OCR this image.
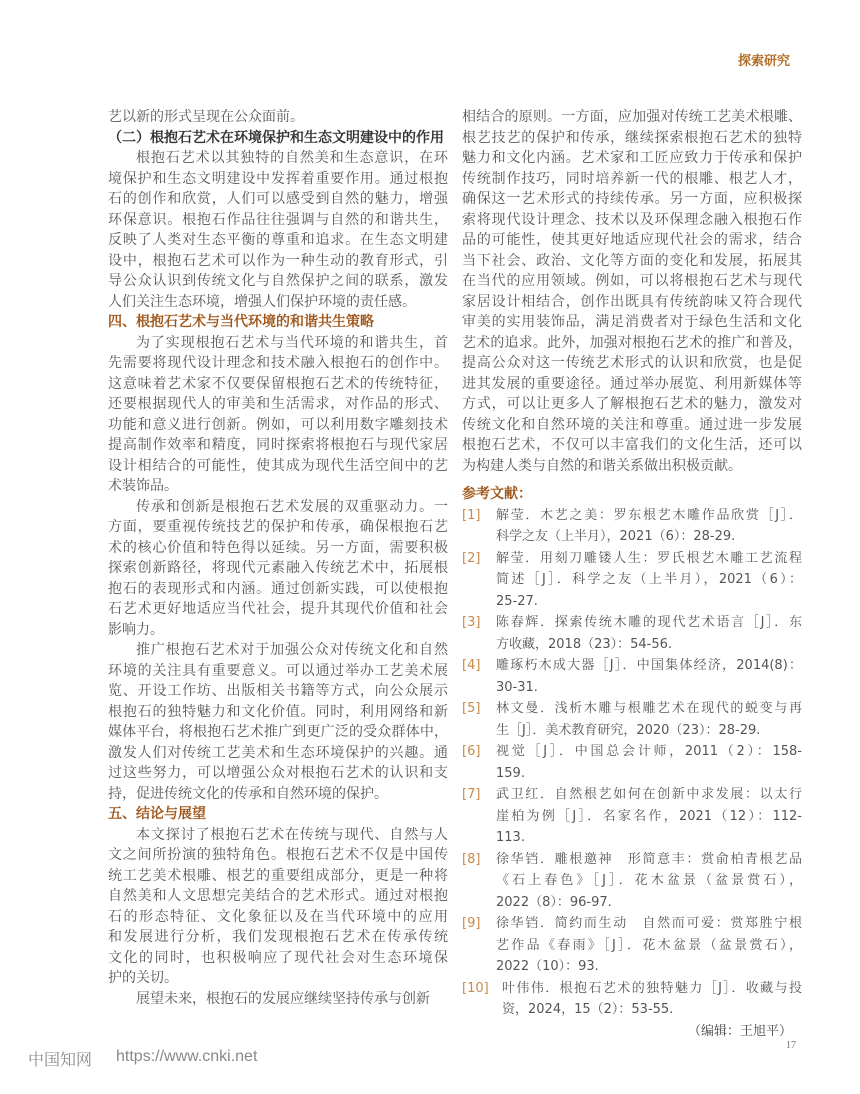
探索研究
艺以新的形式呈现在公众面前。
（二）根抱石艺术在环境保护和生态文明建设中的作用
根抱石艺术以其独特的自然美和生态意识，在环
境保护和生态文明建设中发挥着重要作用。通过根抱
石的创作和欣赏，人们可以感受到自然的魅力，增强
环保意识。根抱石作品往往强调与自然的和谐共生，
反映了人类对生态平衡的尊重和追求。在生态文明建
设中，根抱石艺术可以作为一种生动的教育形式，引
导公众认识到传统文化与自然保护之间的联系，激发
人们关注生态环境，增强人们保护环境的责任感。
四、根抱石艺术与当代环境的和谐共生策略
为了实现根抱石艺术与当代环境的和谐共生，首
先需要将现代设计理念和技术融入根抱石的创作中。
这意味着艺术家不仅要保留根抱石艺术的传统特征，
还要根据现代人的审美和生活需求，对作品的形式、
功能和意义进行创新。例如，可以利用数字雕刻技术
提高制作效率和精度，同时探索将根抱石与现代家居
设计相结合的可能性，使其成为现代生活空间中的艺
术装饰品。
传承和创新是根抱石艺术发展的双重驱动力。一
方面，要重视传统技艺的保护和传承，确保根抱石艺
术的核心价值和特色得以延续。另一方面，需要积极
探索创新路径，将现代元素融入传统艺术中，拓展根
抱石的表现形式和内涵。通过创新实践，可以使根抱
石艺术更好地适应当代社会，提升其现代价值和社会
影响力。
推广根抱石艺术对于加强公众对传统文化和自然
环境的关注具有重要意义。可以通过举办工艺美术展
览、开设工作坊、出版相关书籍等方式，向公众展示
根抱石的独特魅力和文化价值。同时，利用网络和新
媒体平台，将根抱石艺术推广到更广泛的受众群体中，
激发人们对传统工艺美术和生态环境保护的兴趣。通
过这些努力，可以增强公众对根抱石艺术的认识和支
持，促进传统文化的传承和自然环境的保护。
五、结论与展望
本文探讨了根抱石艺术在传统与现代、自然与人
文之间所扮演的独特角色。根抱石艺术不仅是中国传
统工艺美术根雕、根艺的重要组成部分，更是一种将
自然美和人文思想完美结合的艺术形式。通过对根抱
石的形态特征、文化象征以及在当代环境中的应用
和发展进行分析，我们发现根抱石艺术在传承传统
文化的同时，也积极响应了现代社会对生态环境保
护的关切。
展望未来，根抱石的发展应继续坚持传承与创新
相结合的原则。一方面，应加强对传统工艺美术根雕、
根艺技艺的保护和传承，继续探索根抱石艺术的独特
魅力和文化内涵。艺术家和工匠应致力于传承和保护
传统制作技巧，同时培养新一代的根雕、根艺人才，
确保这一艺术形式的持续传承。另一方面，应积极探
索将现代设计理念、技术以及环保理念融入根抱石作
品的可能性，使其更好地适应现代社会的需求，结合
当下社会、政治、文化等方面的变化和发展，拓展其
在当代的应用领域。例如，可以将根抱石艺术与现代
家居设计相结合，创作出既具有传统韵味又符合现代
审美的实用装饰品，满足消费者对于绿色生活和文化
艺术的追求。此外，加强对根抱石艺术的推广和普及，
提高公众对这一传统艺术形式的认识和欣赏，也是促
进其发展的重要途径。通过举办展览、利用新媒体等
方式，可以让更多人了解根抱石艺术的魅力，激发对
传统文化和自然环境的关注和尊重。通过进一步发展
根抱石艺术，不仅可以丰富我们的文化生活，还可以
为构建人类与自然的和谐关系做出积极贡献。
参考文献：
[1]	解莹．木艺之美：罗东根艺木雕作品欣赏［J］．
科学之友（上半月），2021（6）：28-29.
[2]	解莹．用刻刀雕镂人生：罗氏根艺木雕工艺流程
简述［J］．科学之友（上半月），2021（6）：
25-27.
[3]	陈春辉．探索传统木雕的现代艺术语言［J］．东
方收藏，2018（23）：54-56.
[4]	雕琢朽木成大器［J］．中国集体经济，2014(8)：
30-31.
[5]	林文曼．浅析木雕与根雕艺术在现代的蜕变与再
生［J］．美术教育研究，2020（23）：28-29.
[6]	视觉［J］．中国总会计师，2011（2）：158-
159.
[7]	武卫红．自然根艺如何在创新中求发展：以太行
崖柏为例［J］．名家名作，2021（12）：112-
113.
[8]	徐华铛．雕根邀神　形简意丰：赏俞柏青根艺品
《石上春色》［J］．花木盆景（盆景赏石），
2022（8）：96-97.
[9]	徐华铛．简约而生动　自然而可爱：赏郑胜宁根
艺作品《春雨》［J］．花木盆景（盆景赏石），
2022（10）：93.
[10]	叶伟伟．根抱石艺术的独特魅力［J］．收藏与投
资，2024，15（2）：53-55.
（编辑：王旭平）
中国知网 https://www.cnki.net
17
